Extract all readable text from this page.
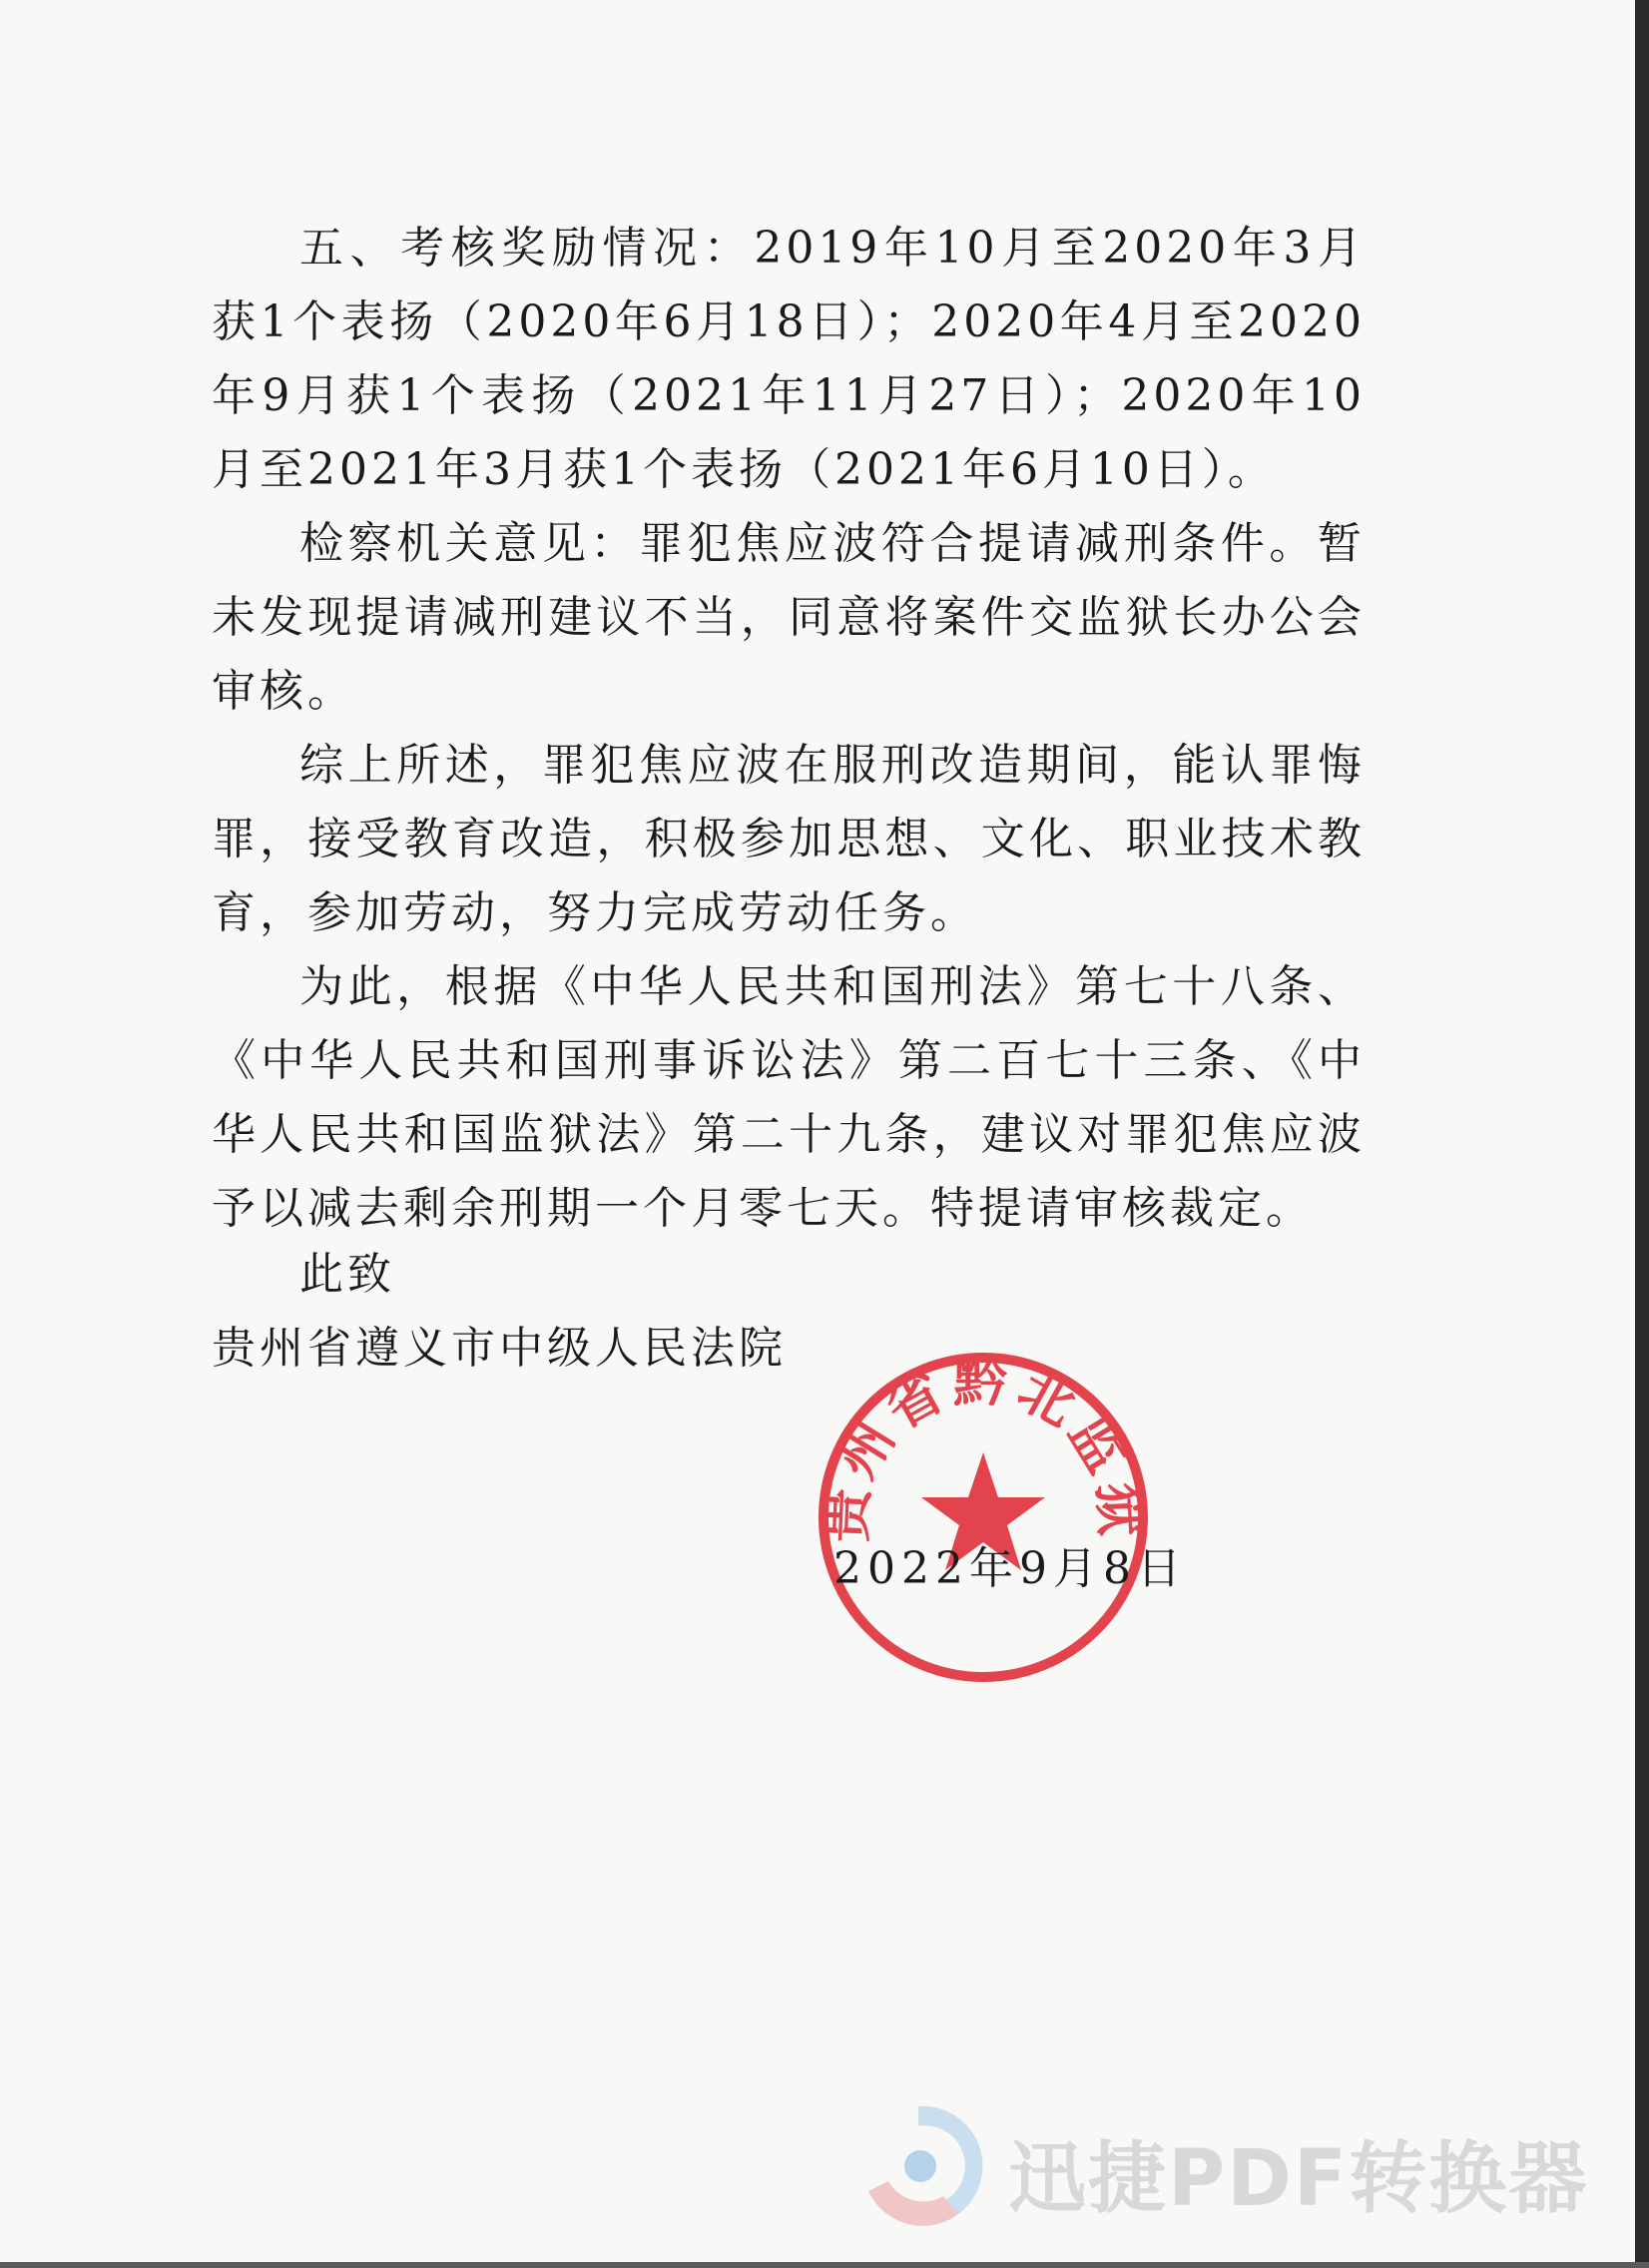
五、考核奖励情况：2019年10月至2020年3月获1个表扬（2020年6月18日）；2020年4月至2020年9月获1个表扬（2021年11月27日）；2020年10月至2021年3月获1个表扬（2021年6月10日）。

检察机关意见：罪犯焦应波符合提请减刑条件。暂未发现提请减刑建议不当，同意将案件交监狱长办公会审核。

综上所述，罪犯焦应波在服刑改造期间，能认罪悔罪，接受教育改造，积极参加思想、文化、职业技术教育，参加劳动，努力完成劳动任务。

为此，根据《中华人民共和国刑法》第七十八条、《中华人民共和国刑事诉讼法》第二百七十三条、《中华人民共和国监狱法》第二十九条，建议对罪犯焦应波予以减去剩余刑期一个月零七天。特提请审核裁定。

此致
贵州省遵义市中级人民法院
贵州省黔北监狱
2022年9月8日
迅捷PDF转换器
